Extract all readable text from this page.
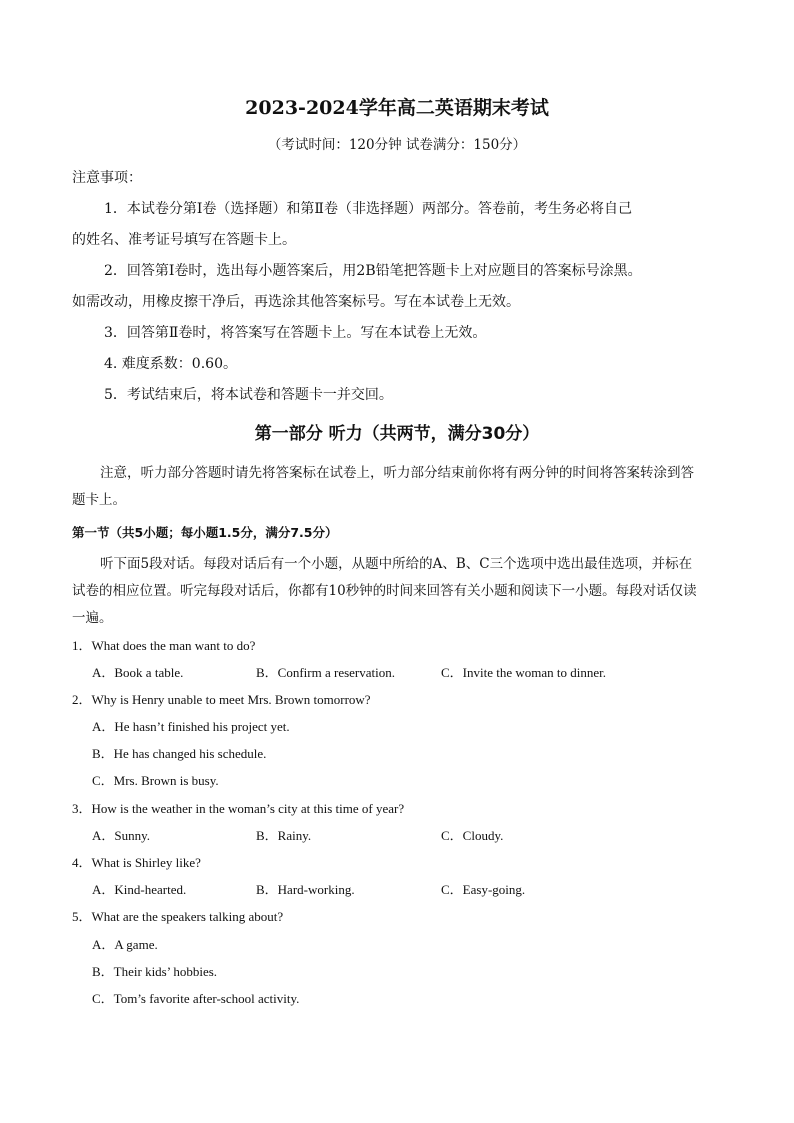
2023-2024学年高二英语期末考试
（考试时间：120分钟 试卷满分：150分）
注意事项：
1．本试卷分第Ⅰ卷（选择题）和第Ⅱ卷（非选择题）两部分。答卷前，考生务必将自己
的姓名、准考证号填写在答题卡上。
2．回答第Ⅰ卷时，选出每小题答案后，用2B铅笔把答题卡上对应题目的答案标号涂黑。
如需改动，用橡皮擦干净后，再选涂其他答案标号。写在本试卷上无效。
3．回答第Ⅱ卷时，将答案写在答题卡上。写在本试卷上无效。
4. 难度系数：0.60。
5．考试结束后，将本试卷和答题卡一并交回。
第一部分 听力（共两节，满分30分）
注意，听力部分答题时请先将答案标在试卷上，听力部分结束前你将有两分钟的时间将答案转涂到答
题卡上。
第一节（共5小题；每小题1.5分，满分7.5分）
听下面5段对话。每段对话后有一个小题，从题中所给的A、B、C三个选项中选出最佳选项，并标在
试卷的相应位置。听完每段对话后，你都有10秒钟的时间来回答有关小题和阅读下一小题。每段对话仅读
一遍。
1．What does the man want to do?
A．Book a table.	B．Confirm a reservation.	C．Invite the woman to dinner.
2．Why is Henry unable to meet Mrs. Brown tomorrow?
A．He hasn’t finished his project yet.
B．He has changed his schedule.
C．Mrs. Brown is busy.
3．How is the weather in the woman’s city at this time of year?
A．Sunny.	B．Rainy.	C．Cloudy.
4．What is Shirley like?
A．Kind-hearted.	B．Hard-working.	C．Easy-going.
5．What are the speakers talking about?
A．A game.
B．Their kids’ hobbies.
C．Tom’s favorite after-school activity.
